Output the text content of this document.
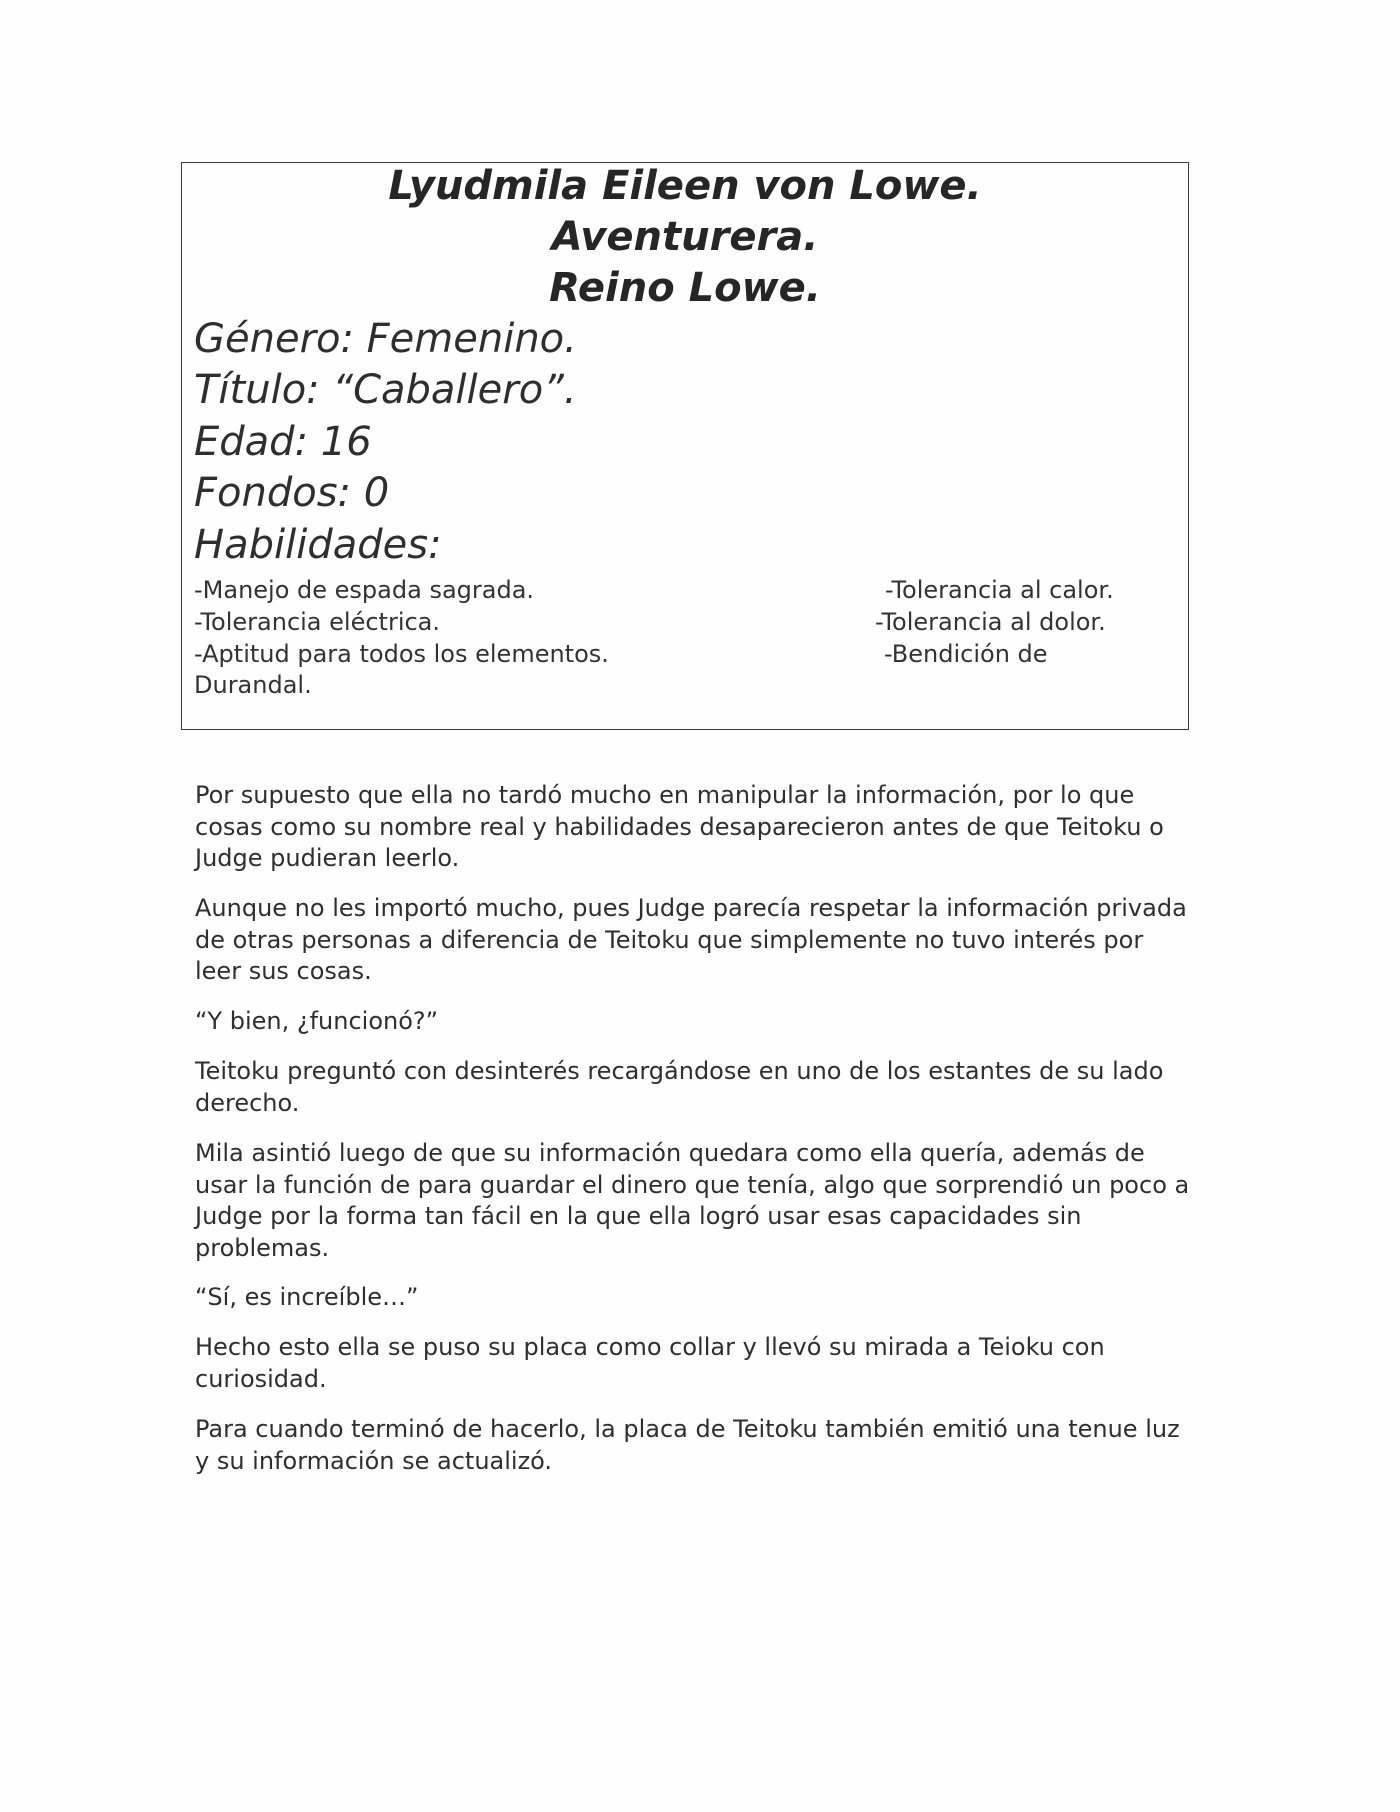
Lyudmila Eileen von Lowe.
Aventurera.
Reino Lowe.
Género: Femenino.
Título: “Caballero”.
Edad: 16
Fondos: 0
Habilidades:
-Manejo de espada sagrada.
-Tolerancia eléctrica.
-Aptitud para todos los elementos.
Durandal.
-Tolerancia al calor.
-Tolerancia al dolor.
-Bendición de

Por supuesto que ella no tardó mucho en manipular la información, por lo que cosas como su nombre real y habilidades desaparecieron antes de que Teitoku o Judge pudieran leerlo.

Aunque no les importó mucho, pues Judge parecía respetar la información privada de otras personas a diferencia de Teitoku que simplemente no tuvo interés por leer sus cosas.

“Y bien, ¿funcionó?”

Teitoku preguntó con desinterés recargándose en uno de los estantes de su lado derecho.

Mila asintió luego de que su información quedara como ella quería, además de usar la función de para guardar el dinero que tenía, algo que sorprendió un poco a Judge por la forma tan fácil en la que ella logró usar esas capacidades sin problemas.

“Sí, es increíble…”

Hecho esto ella se puso su placa como collar y llevó su mirada a Teioku con curiosidad.

Para cuando terminó de hacerlo, la placa de Teitoku también emitió una tenue luz y su información se actualizó.
